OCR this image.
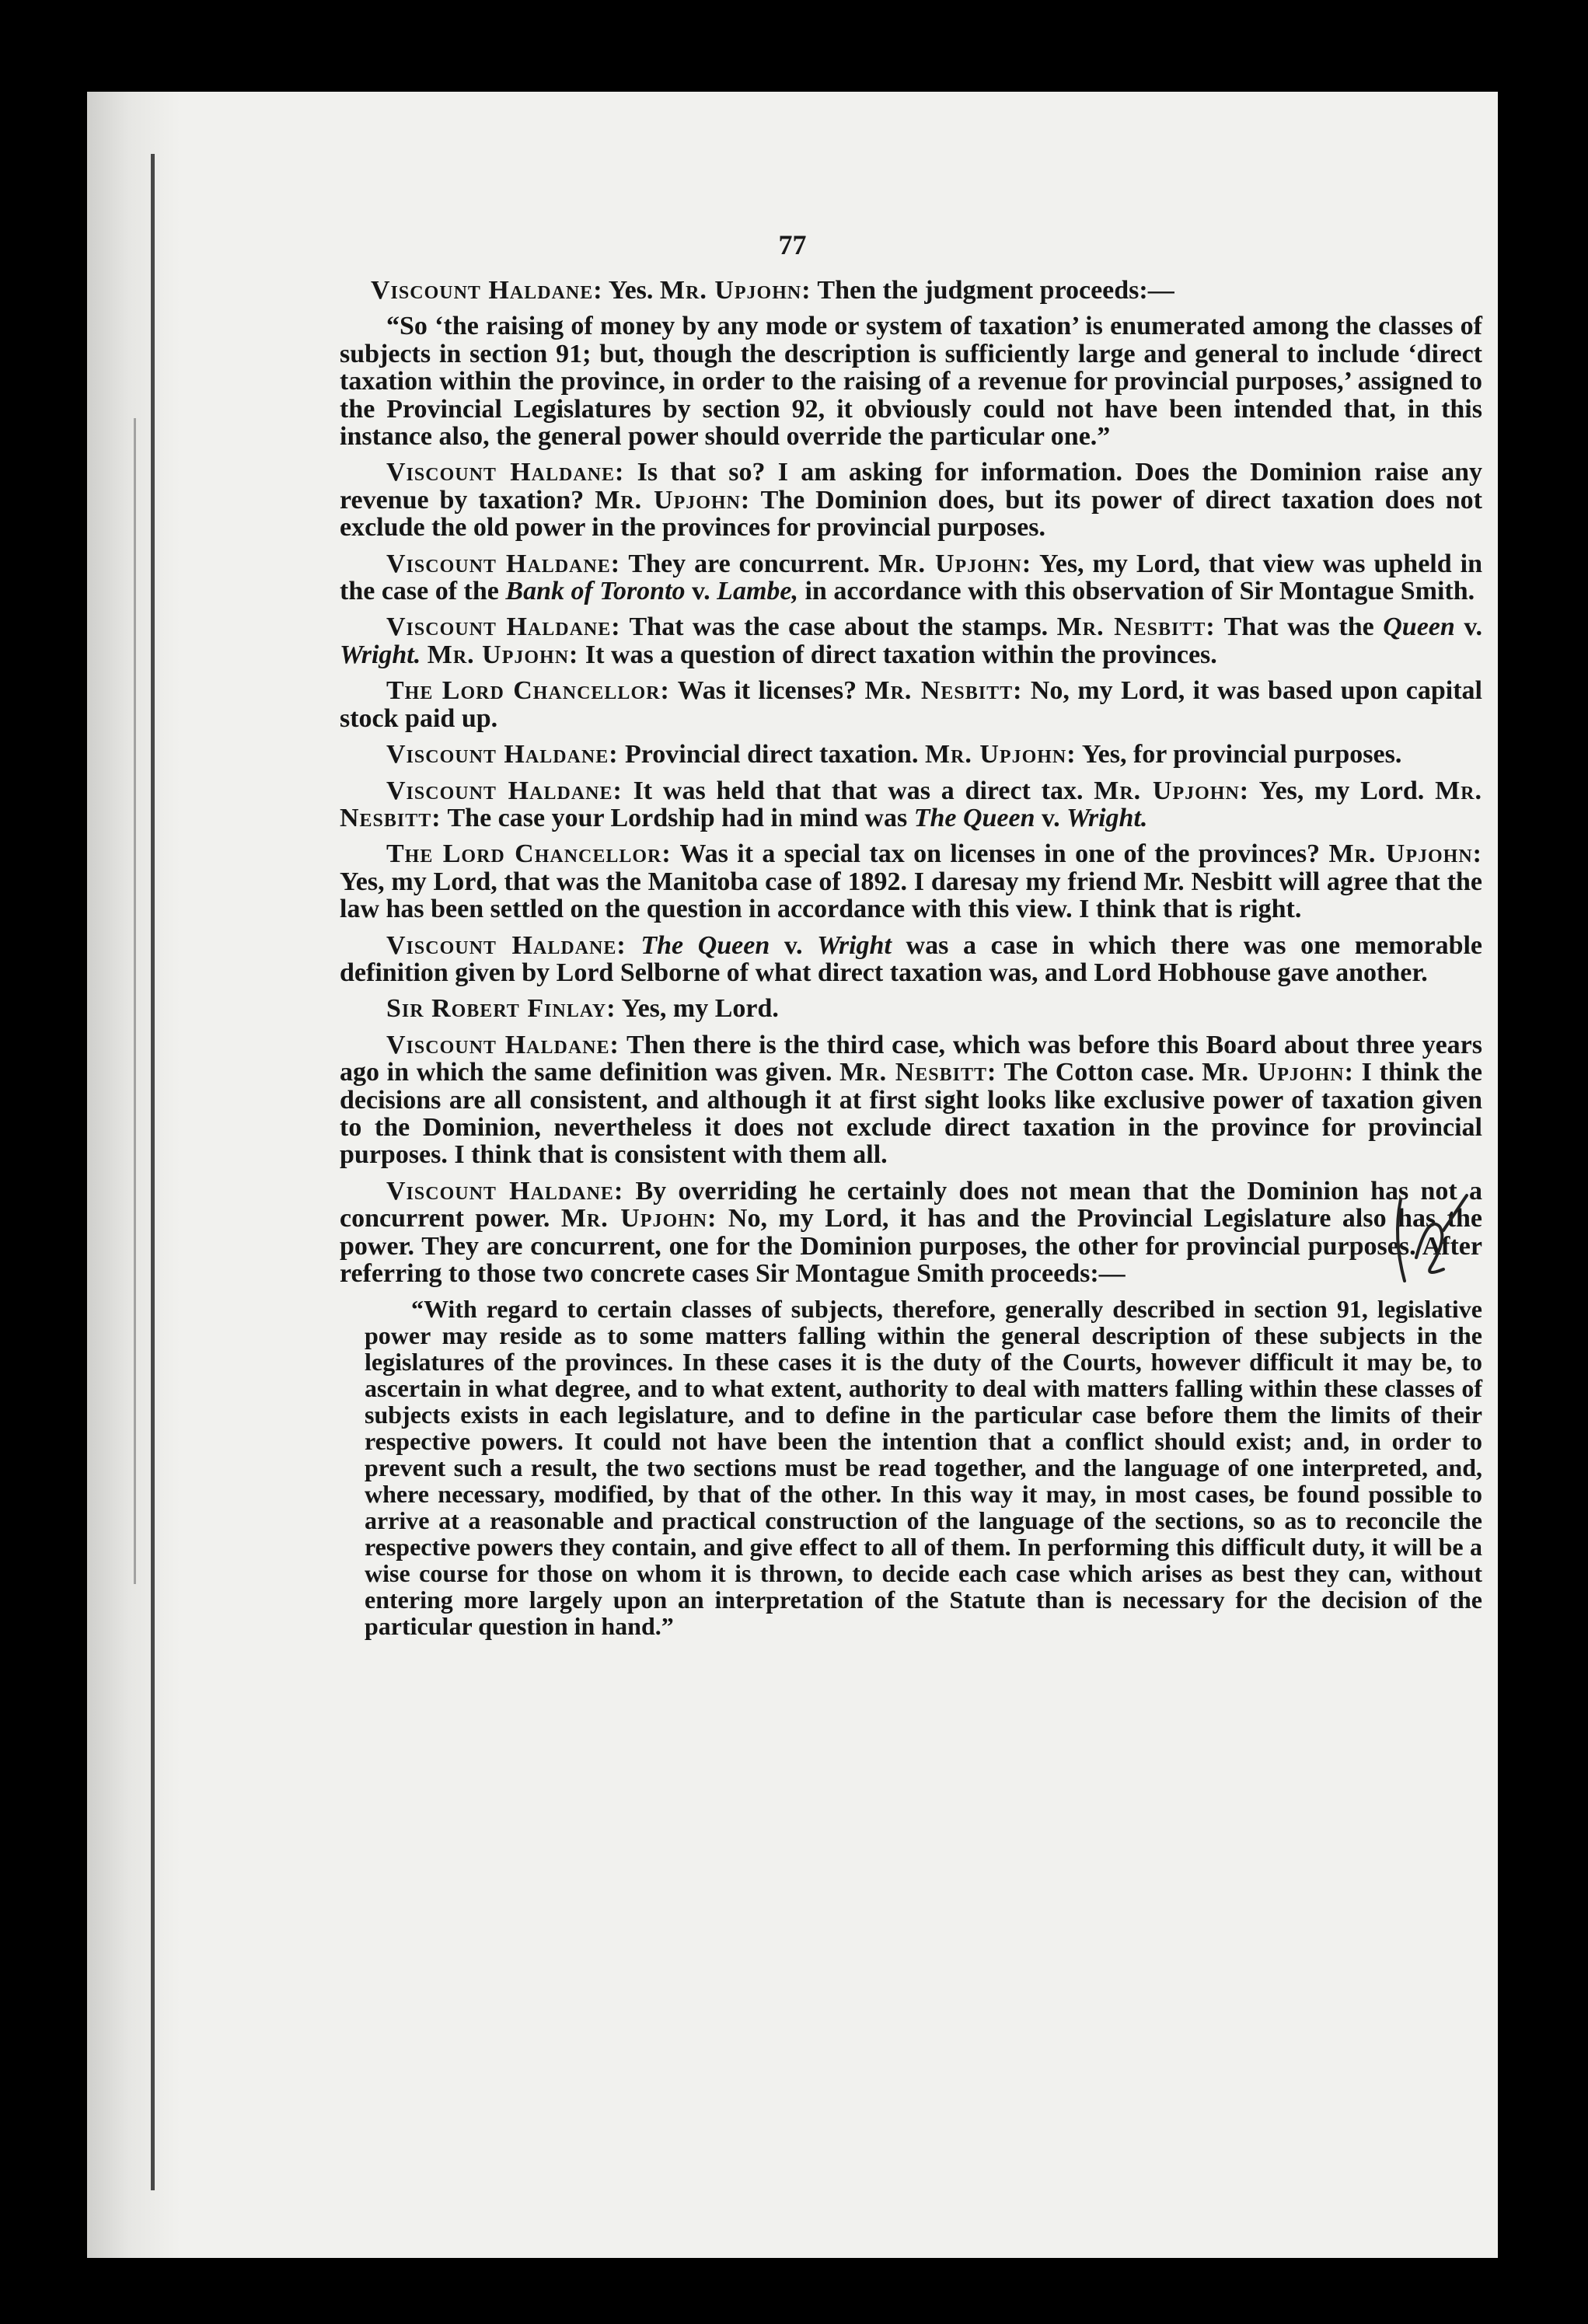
77

Viscount Haldane: Yes. Mr. Upjohn: Then the judgment proceeds:—

“So ‘the raising of money by any mode or system of taxation’ is enumerated among the classes of subjects in section 91; but, though the description is sufficiently large and general to include ‘direct taxation within the province, in order to the raising of a revenue for provincial purposes,’ assigned to the Provincial Legislatures by section 92, it obviously could not have been intended that, in this instance also, the general power should override the particular one.”

Viscount Haldane: Is that so? I am asking for information. Does the Dominion raise any revenue by taxation? Mr. Upjohn: The Dominion does, but its power of direct taxation does not exclude the old power in the provinces for provincial purposes.

Viscount Haldane: They are concurrent. Mr. Upjohn: Yes, my Lord, that view was upheld in the case of the Bank of Toronto v. Lambe, in accordance with this observation of Sir Montague Smith.

Viscount Haldane: That was the case about the stamps. Mr. Nesbitt: That was the Queen v. Wright. Mr. Upjohn: It was a question of direct taxation within the provinces.

The Lord Chancellor: Was it licenses? Mr. Nesbitt: No, my Lord, it was based upon capital stock paid up.

Viscount Haldane: Provincial direct taxation. Mr. Upjohn: Yes, for provincial purposes.

Viscount Haldane: It was held that that was a direct tax. Mr. Upjohn: Yes, my Lord. Mr. Nesbitt: The case your Lordship had in mind was The Queen v. Wright.

The Lord Chancellor: Was it a special tax on licenses in one of the provinces? Mr. Upjohn: Yes, my Lord, that was the Manitoba case of 1892. I daresay my friend Mr. Nesbitt will agree that the law has been settled on the question in accordance with this view. I think that is right.

Viscount Haldane: The Queen v. Wright was a case in which there was one memorable definition given by Lord Selborne of what direct taxation was, and Lord Hobhouse gave another.

Sir Robert Finlay: Yes, my Lord.

Viscount Haldane: Then there is the third case, which was before this Board about three years ago in which the same definition was given. Mr. Nesbitt: The Cotton case. Mr. Upjohn: I think the decisions are all consistent, and although it at first sight looks like exclusive power of taxation given to the Dominion, nevertheless it does not exclude direct taxation in the province for provincial purposes. I think that is consistent with them all.

Viscount Haldane: By overriding he certainly does not mean that the Dominion has not a concurrent power. Mr. Upjohn: No, my Lord, it has and the Provincial Legislature also has the power. They are concurrent, one for the Dominion purposes, the other for provincial purposes. After referring to those two concrete cases Sir Montague Smith proceeds:—

“With regard to certain classes of subjects, therefore, generally described in section 91, legislative power may reside as to some matters falling within the general description of these subjects in the legislatures of the provinces. In these cases it is the duty of the Courts, however difficult it may be, to ascertain in what degree, and to what extent, authority to deal with matters falling within these classes of subjects exists in each legislature, and to define in the particular case before them the limits of their respective powers. It could not have been the intention that a conflict should exist; and, in order to prevent such a result, the two sections must be read together, and the language of one interpreted, and, where necessary, modified, by that of the other. In this way it may, in most cases, be found possible to arrive at a reasonable and practical construction of the language of the sections, so as to reconcile the respective powers they contain, and give effect to all of them. In performing this difficult duty, it will be a wise course for those on whom it is thrown, to decide each case which arises as best they can, without entering more largely upon an interpretation of the Statute than is necessary for the decision of the particular question in hand.”
